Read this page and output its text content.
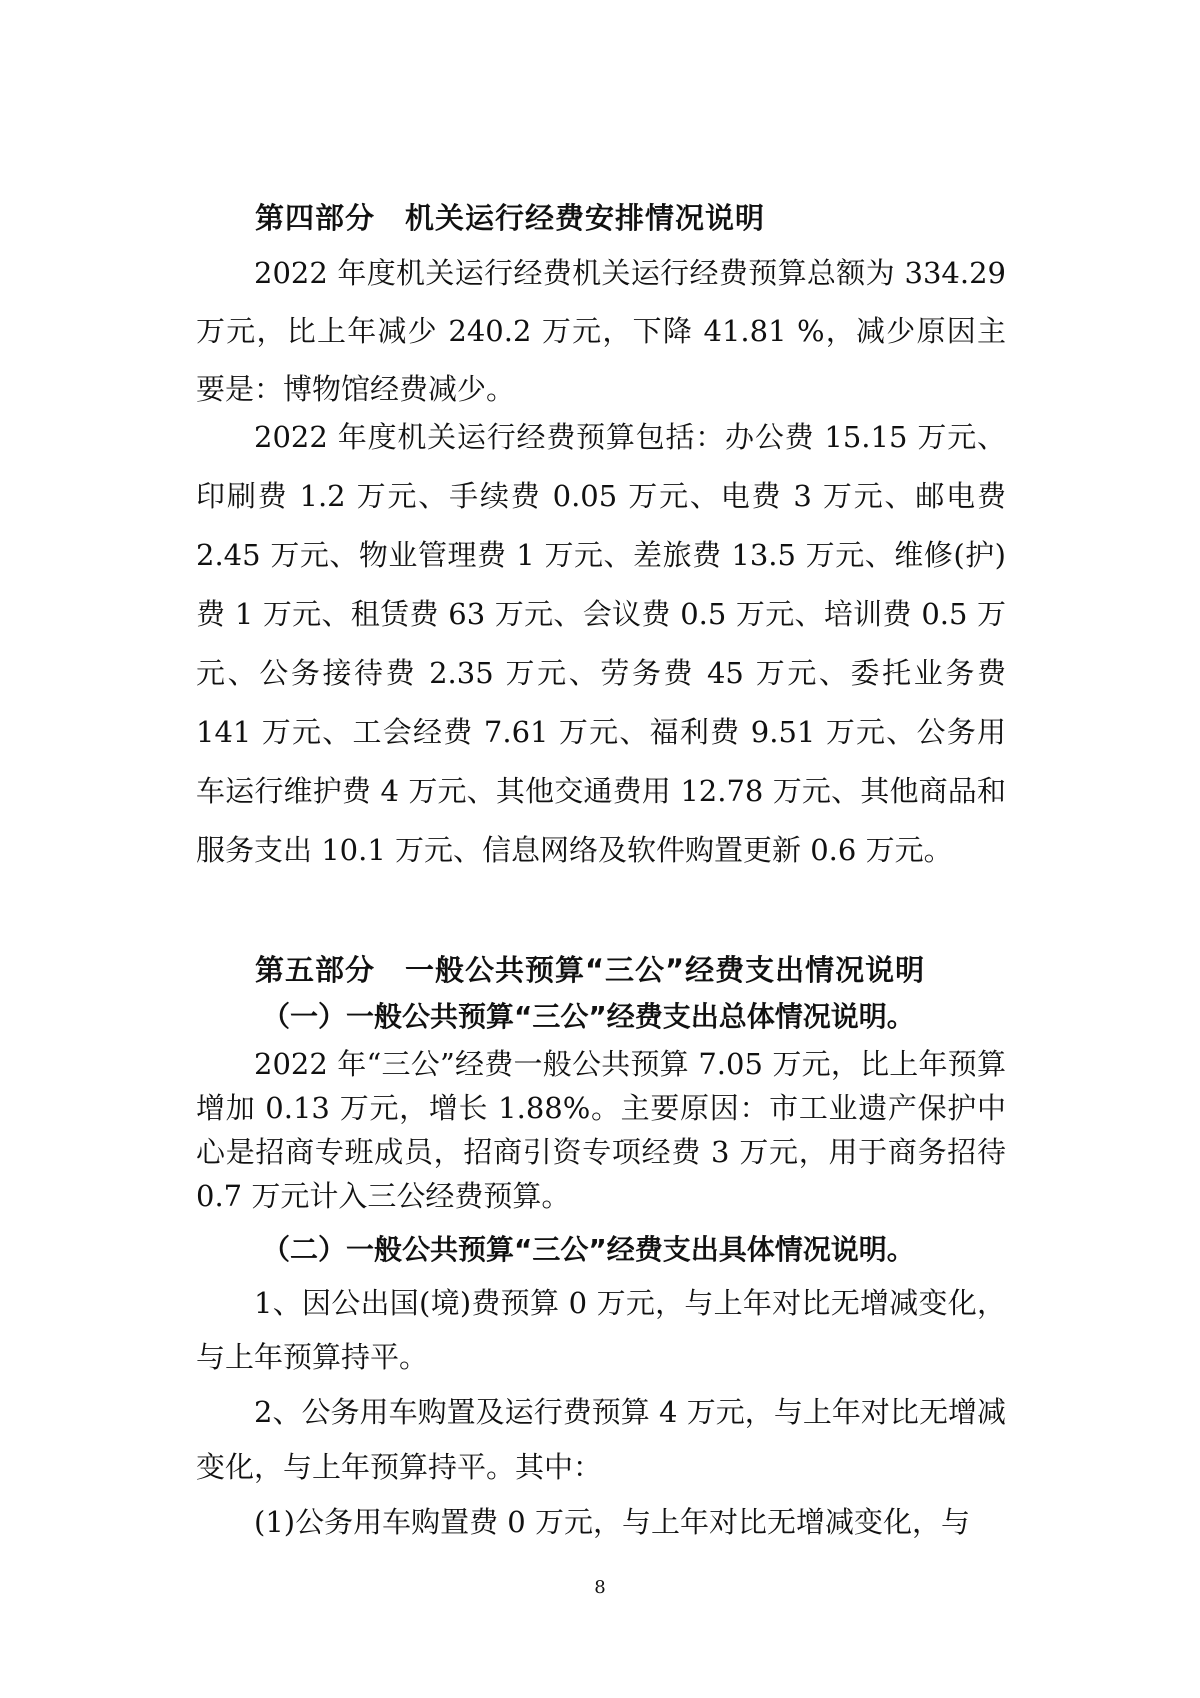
第四部分　机关运行经费安排情况说明

2022 年度机关运行经费机关运行经费预算总额为 334.29 万元，比上年减少 240.2 万元，下降 41.81 %，减少原因主要是：博物馆经费减少。

2022 年度机关运行经费预算包括：办公费 15.15 万元、印刷费 1.2 万元、手续费 0.05 万元、电费 3 万元、邮电费 2.45 万元、物业管理费 1 万元、差旅费 13.5 万元、维修(护)费 1 万元、租赁费 63 万元、会议费 0.5 万元、培训费 0.5 万元、公务接待费 2.35 万元、劳务费 45 万元、委托业务费 141 万元、工会经费 7.61 万元、福利费 9.51 万元、公务用车运行维护费 4 万元、其他交通费用 12.78 万元、其他商品和服务支出 10.1 万元、信息网络及软件购置更新 0.6 万元。

第五部分　一般公共预算“三公”经费支出情况说明
（一）一般公共预算“三公”经费支出总体情况说明。

2022 年“三公”经费一般公共预算 7.05 万元，比上年预算增加 0.13 万元，增长 1.88%。主要原因：市工业遗产保护中心是招商专班成员，招商引资专项经费 3 万元，用于商务招待 0.7 万元计入三公经费预算。

（二）一般公共预算“三公”经费支出具体情况说明。

1、因公出国(境)费预算 0 万元，与上年对比无增减变化，与上年预算持平。

2、公务用车购置及运行费预算 4 万元，与上年对比无增减变化，与上年预算持平。其中：

(1)公务用车购置费 0 万元，与上年对比无增减变化，与

8
